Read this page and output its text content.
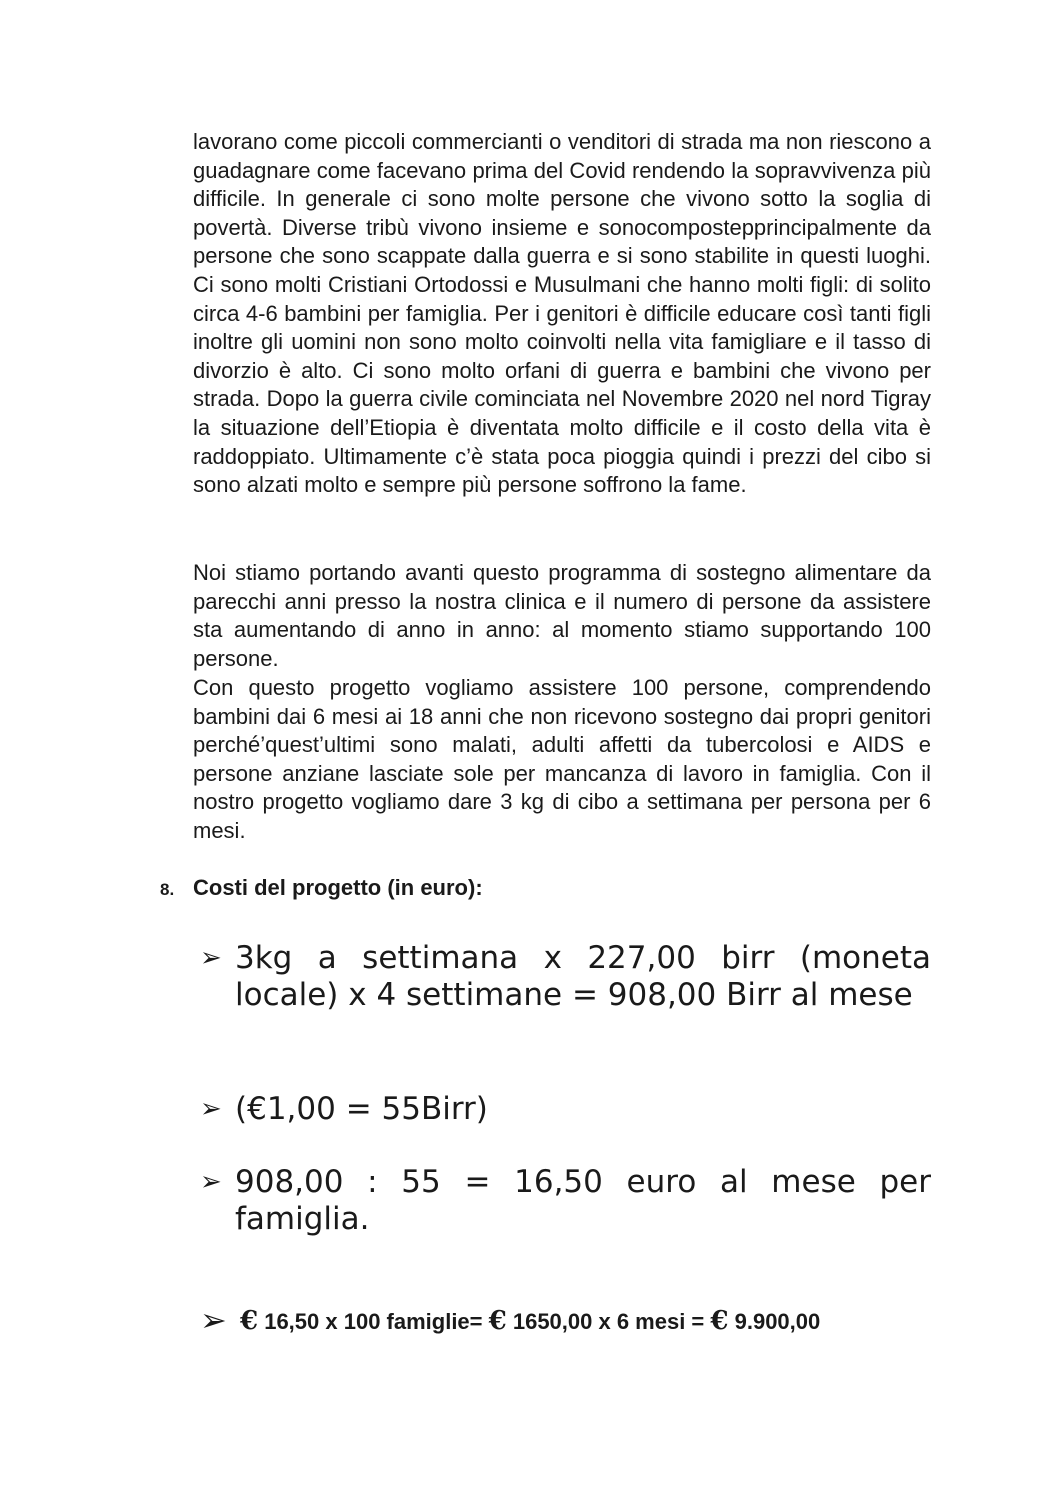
lavorano come piccoli commercianti o venditori di strada ma non riescono a guadagnare come facevano prima del Covid rendendo la sopravvivenza più difficile. In generale ci sono molte persone che vivono sotto la soglia di povertà. Diverse tribù vivono insieme e sonocompostepprincipalmente da persone che sono scappate dalla guerra e si sono stabilite in questi luoghi. Ci sono molti Cristiani Ortodossi e Musulmani che hanno molti figli: di solito circa 4-6 bambini per famiglia. Per i genitori è difficile educare così tanti figli inoltre gli uomini non sono molto coinvolti nella vita famigliare e il tasso di divorzio è alto. Ci sono molto orfani di guerra e bambini che vivono per strada. Dopo la guerra civile cominciata nel Novembre 2020 nel nord Tigray la situazione dell’Etiopia è diventata molto difficile e il costo della vita è raddoppiato. Ultimamente c’è stata poca pioggia quindi i prezzi del cibo si sono alzati molto e sempre più persone soffrono la fame.

Noi stiamo portando avanti questo programma di sostegno alimentare da parecchi anni presso la nostra clinica e il numero di persone da assistere sta aumentando di anno in anno: al momento stiamo supportando 100 persone.

Con questo progetto vogliamo assistere 100 persone, comprendendo bambini dai 6 mesi ai 18 anni che non ricevono sostegno dai propri genitori perché’quest’ultimi sono malati, adulti affetti da tubercolosi e AIDS e persone anziane lasciate sole per mancanza di lavoro in famiglia. Con il nostro progetto vogliamo dare 3 kg di cibo a settimana per persona per 6 mesi.

8. Costi del progetto (in euro):
➢ 3kg a settimana x 227,00 birr (moneta locale) x 4 settimane = 908,00 Birr al mese
➢ (€1,00 = 55Birr)
➢ 908,00 : 55 = 16,50 euro al mese per famiglia.
➢ € 16,50 x 100 famiglie= € 1650,00 x 6 mesi = € 9.900,00
